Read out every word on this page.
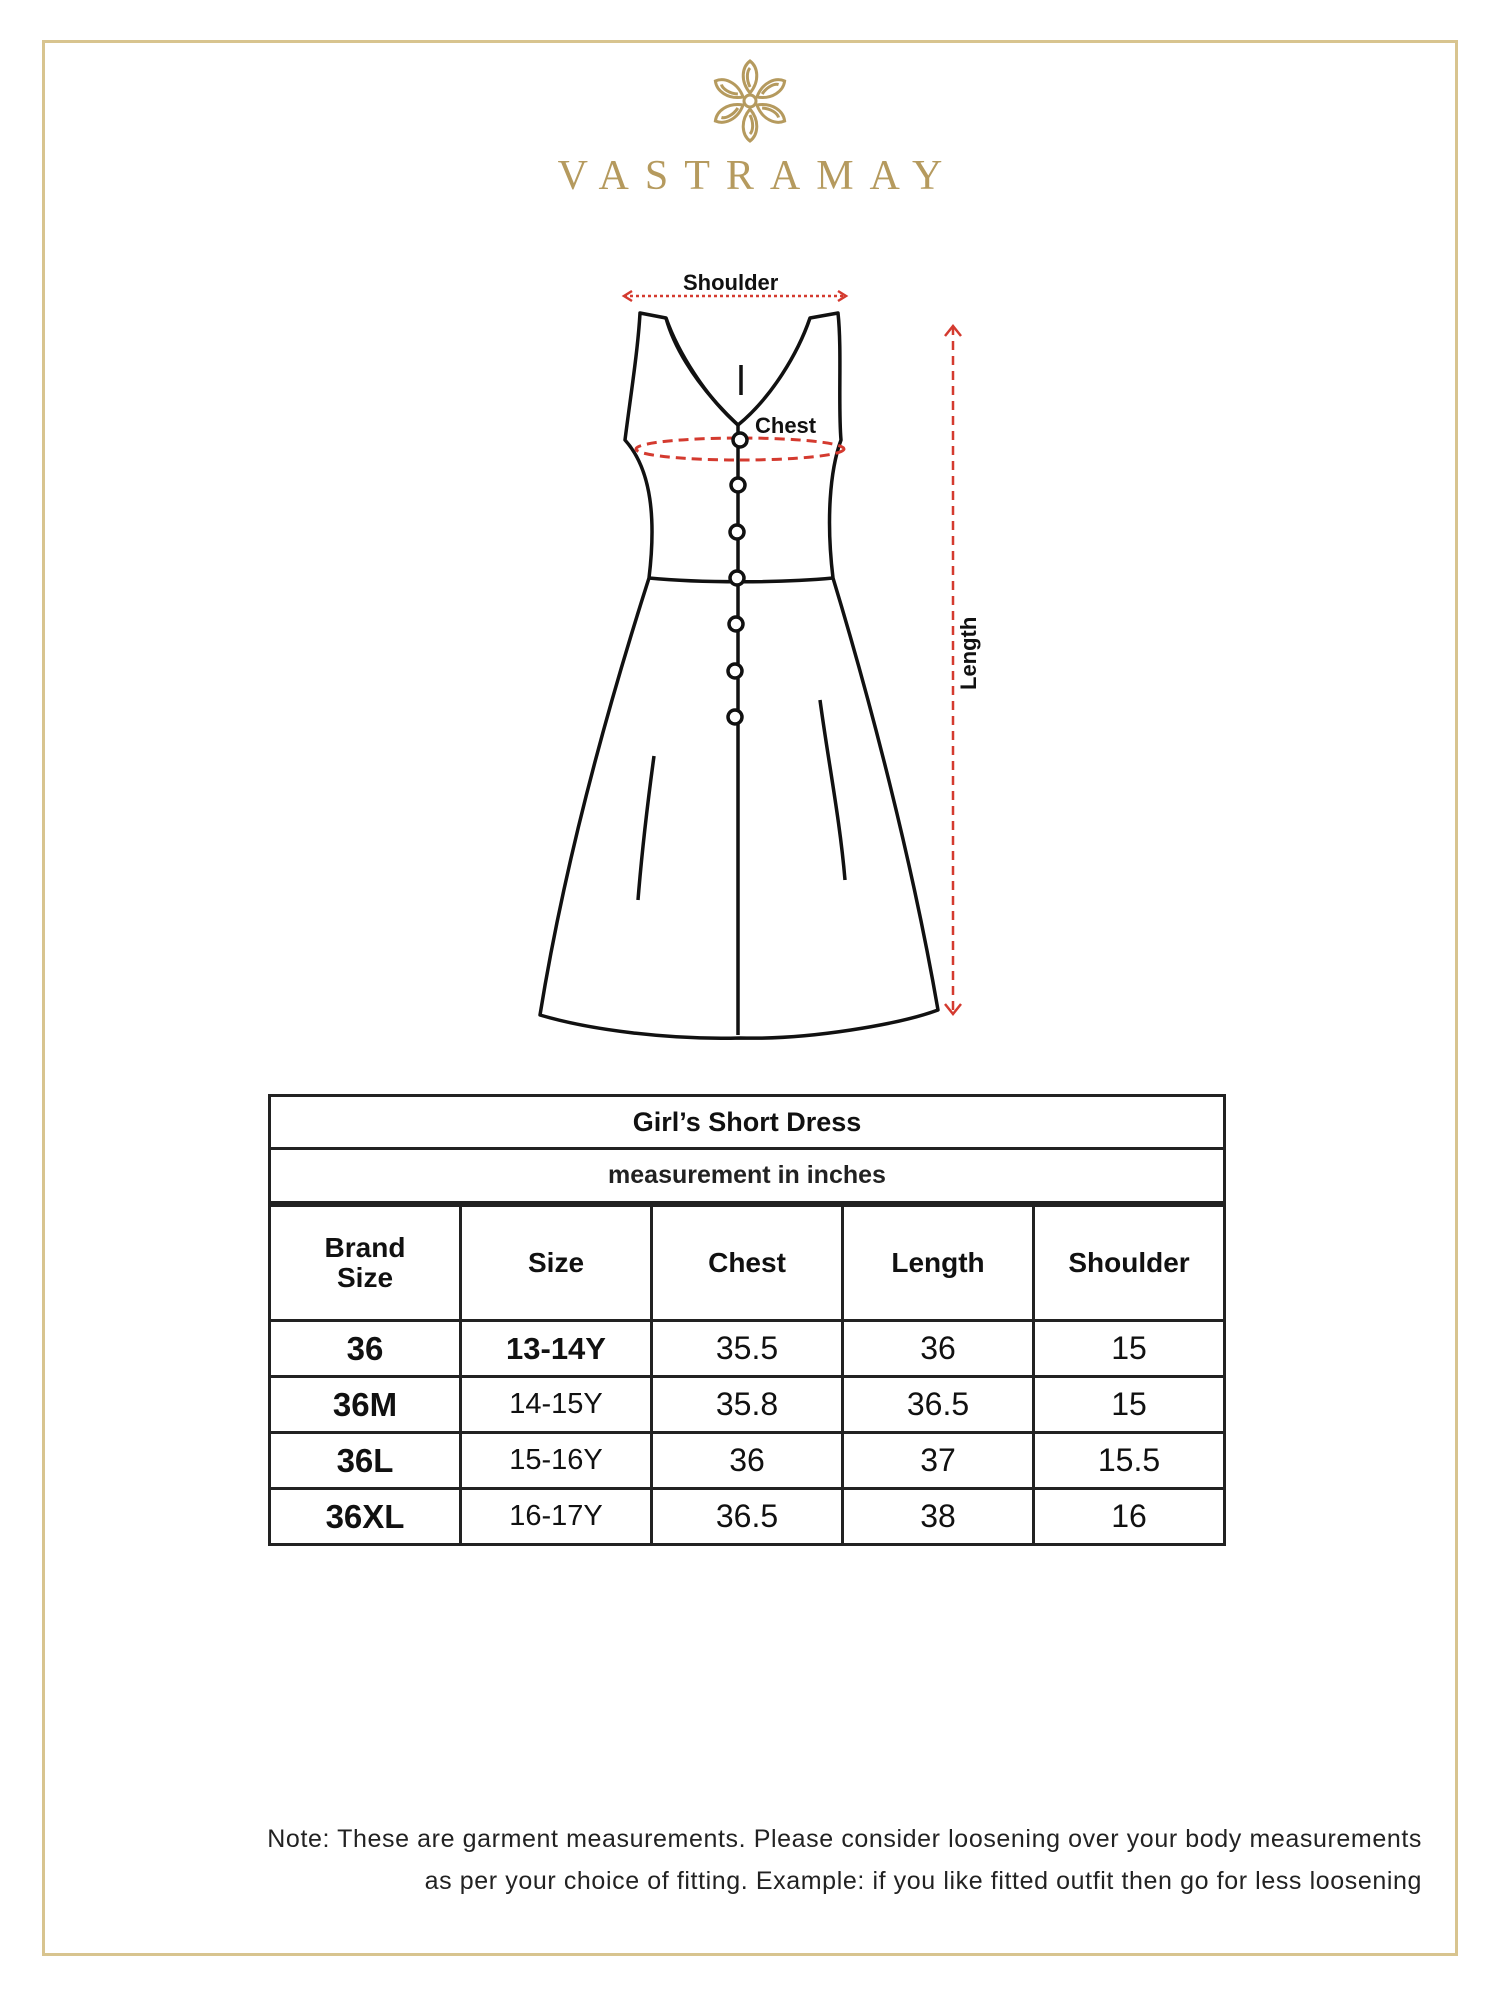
VASTRAMAY
Shoulder
Chest
Length
Girl’s Short Dress
measurement in inches
Brand Size	Size	Chest	Length	Shoulder
36	13-14Y	35.5	36	15
36M	14-15Y	35.8	36.5	15
36L	15-16Y	36	37	15.5
36XL	16-17Y	36.5	38	16
Note: These are garment measurements. Please consider loosening over your body measurements
as per your choice of fitting. Example: if you like fitted outfit then go for less loosening
